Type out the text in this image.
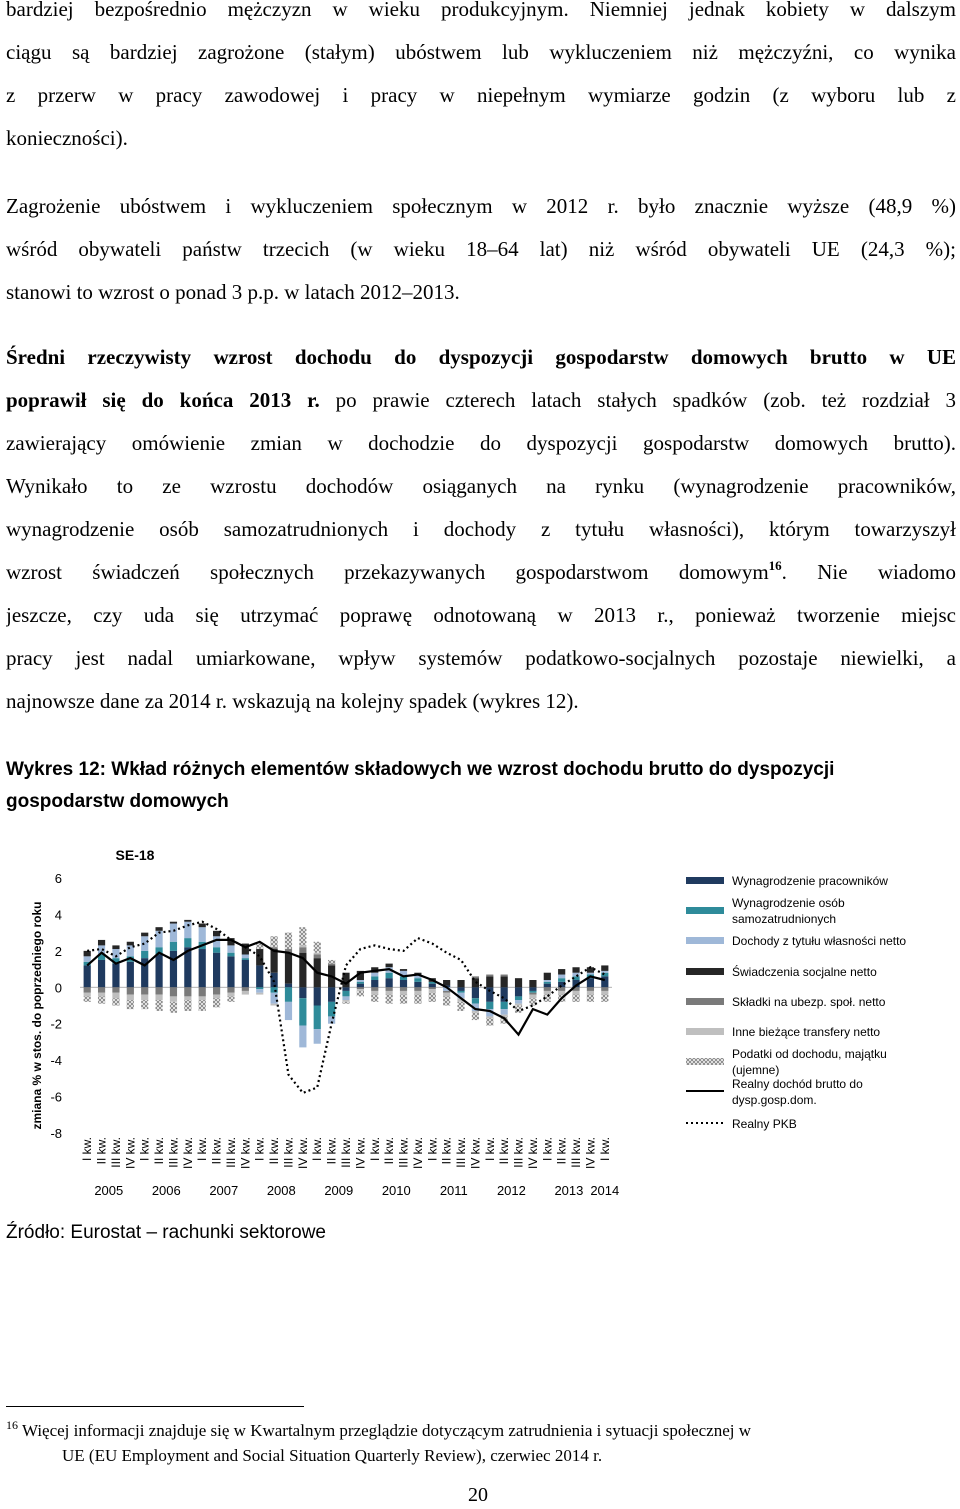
bardziej bezpośrednio mężczyzn w wieku produkcyjnym. Niemniej jednak kobiety w dalszym
ciągu są bardziej zagrożone (stałym) ubóstwem lub wykluczeniem niż mężczyźni, co wynika
z przerw w pracy zawodowej i pracy w niepełnym wymiarze godzin (z wyboru lub z
konieczności).
Zagrożenie ubóstwem i wykluczeniem społecznym w 2012 r. było znacznie wyższe (48,9 %)
wśród obywateli państw trzecich (w wieku 18–64 lat) niż wśród obywateli UE (24,3 %);
stanowi to wzrost o ponad 3 p.p. w latach 2012–2013.
Średni rzeczywisty wzrost dochodu do dyspozycji gospodarstw domowych brutto w UE
poprawił się do końca 2013 r. po prawie czterech latach stałych spadków (zob. też rozdział 3
zawierający omówienie zmian w dochodzie do dyspozycji gospodarstw domowych brutto).
Wynikało to ze wzrostu dochodów osiąganych na rynku (wynagrodzenie pracowników,
wynagrodzenie osób samozatrudnionych i dochody z tytułu własności), którym towarzyszył
wzrost świadczeń społecznych przekazywanych gospodarstwom domowym$^{16}$. Nie wiadomo
jeszcze, czy uda się utrzymać poprawę odnotowaną w 2013 r., ponieważ tworzenie miejsc
pracy jest nadal umiarkowane, wpływ systemów podatkowo-socjalnych pozostaje niewielki, a
najnowsze dane za 2014 r. wskazują na kolejny spadek (wykres 12).
Wykres 12: Wkład różnych elementów składowych we wzrost dochodu brutto do dyspozycji
gospodarstw domowych
SE-18
6
4
2
0
-2
-4
-6
-8
zmiana % w stos. do poprzedniego roku
I kw. II kw. III kw. IV kw. I kw. II kw. III kw. IV kw. I kw. II kw. III kw. IV kw. I kw. II kw. III kw. IV kw. I kw. II kw. III kw. IV kw. I kw. II kw. III kw. IV kw. I kw. II kw. III kw. IV kw. I kw. II kw. III kw. IV kw. I kw. II kw. III kw. IV kw. I kw.
2005 2006 2007 2008 2009 2010 2011 2012 2013 2014
Wynagrodzenie pracowników
Wynagrodzenie osób
samozatrudnionych
Dochody z tytułu własności netto
Świadczenia socjalne netto
Składki na ubezp. społ. netto
Inne bieżące transfery netto
Podatki od dochodu, majątku
(ujemne)
Realny dochód brutto do
dysp.gosp.dom.
Realny PKB
Źródło: Eurostat – rachunki sektorowe
$^{16}$ Więcej informacji znajduje się w Kwartalnym przeglądzie dotyczącym zatrudnienia i sytuacji społecznej w
UE (EU Employment and Social Situation Quarterly Review), czerwiec 2014 r.
20
